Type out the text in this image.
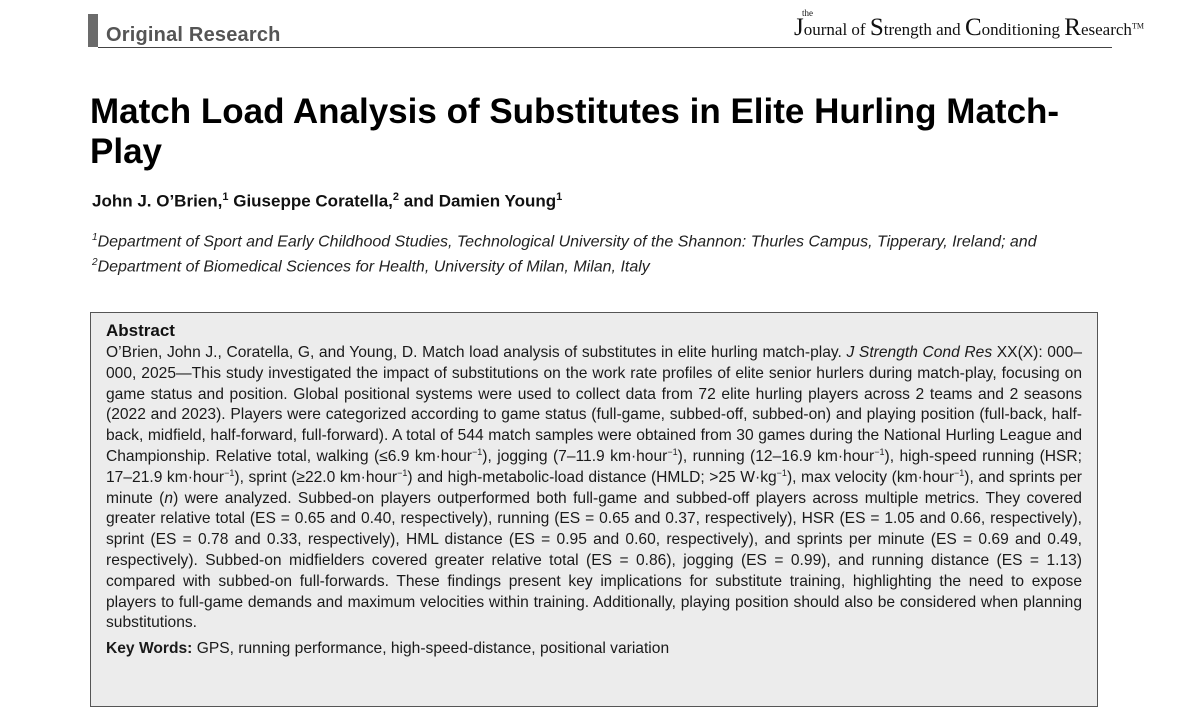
Original Research
the
Journal of Strength and Conditioning Research™
Match Load Analysis of Substitutes in Elite Hurling Match-Play
John J. O’Brien,$^1$ Giuseppe Coratella,$^2$ and Damien Young$^1$
$^1$Department of Sport and Early Childhood Studies, Technological University of the Shannon: Thurles Campus, Tipperary, Ireland; and
$^2$Department of Biomedical Sciences for Health, University of Milan, Milan, Italy
Abstract

O’Brien, John J., Coratella, G, and Young, D. Match load analysis of substitutes in elite hurling match-play. J Strength Cond Res XX(X): 000–000, 2025—This study investigated the impact of substitutions on the work rate profiles of elite senior hurlers during match-play, focusing on game status and position. Global positional systems were used to collect data from 72 elite hurling players across 2 teams and 2 seasons (2022 and 2023). Players were categorized according to game status (full-game, subbed-off, subbed-on) and playing position (full-back, half-back, midfield, half-forward, full-forward). A total of 544 match samples were obtained from 30 games during the National Hurling League and Championship. Relative total, walking (≤6.9 km·hour$^{-1}$), jogging (7–11.9 km·hour$^{-1}$), running (12–16.9 km·hour$^{-1}$), high-speed running (HSR; 17–21.9 km·hour$^{-1}$), sprint (≥22.0 km·hour$^{-1}$) and high-metabolic-load distance (HMLD; >25 $W\cdot kg^{-1}$), max velocity (km·hour$^{-1}$), and sprints per minute (n) were analyzed. Subbed-on players outperformed both full-game and subbed-off players across multiple metrics. They covered greater relative total (ES = 0.65 and 0.40, respectively), running (ES = 0.65 and 0.37, respectively), HSR (ES = 1.05 and 0.66, respectively), sprint (ES = 0.78 and 0.33, respectively), HML distance (ES = 0.95 and 0.60, respectively), and sprints per minute (ES = 0.69 and 0.49, respectively). Subbed-on midfielders covered greater relative total (ES = 0.86), jogging (ES = 0.99), and running distance (ES = 1.13) compared with subbed-on full-forwards. These findings present key implications for substitute training, highlighting the need to expose players to full-game demands and maximum velocities within training. Additionally, playing position should also be considered when planning substitutions.

Key Words: GPS, running performance, high-speed-distance, positional variation
